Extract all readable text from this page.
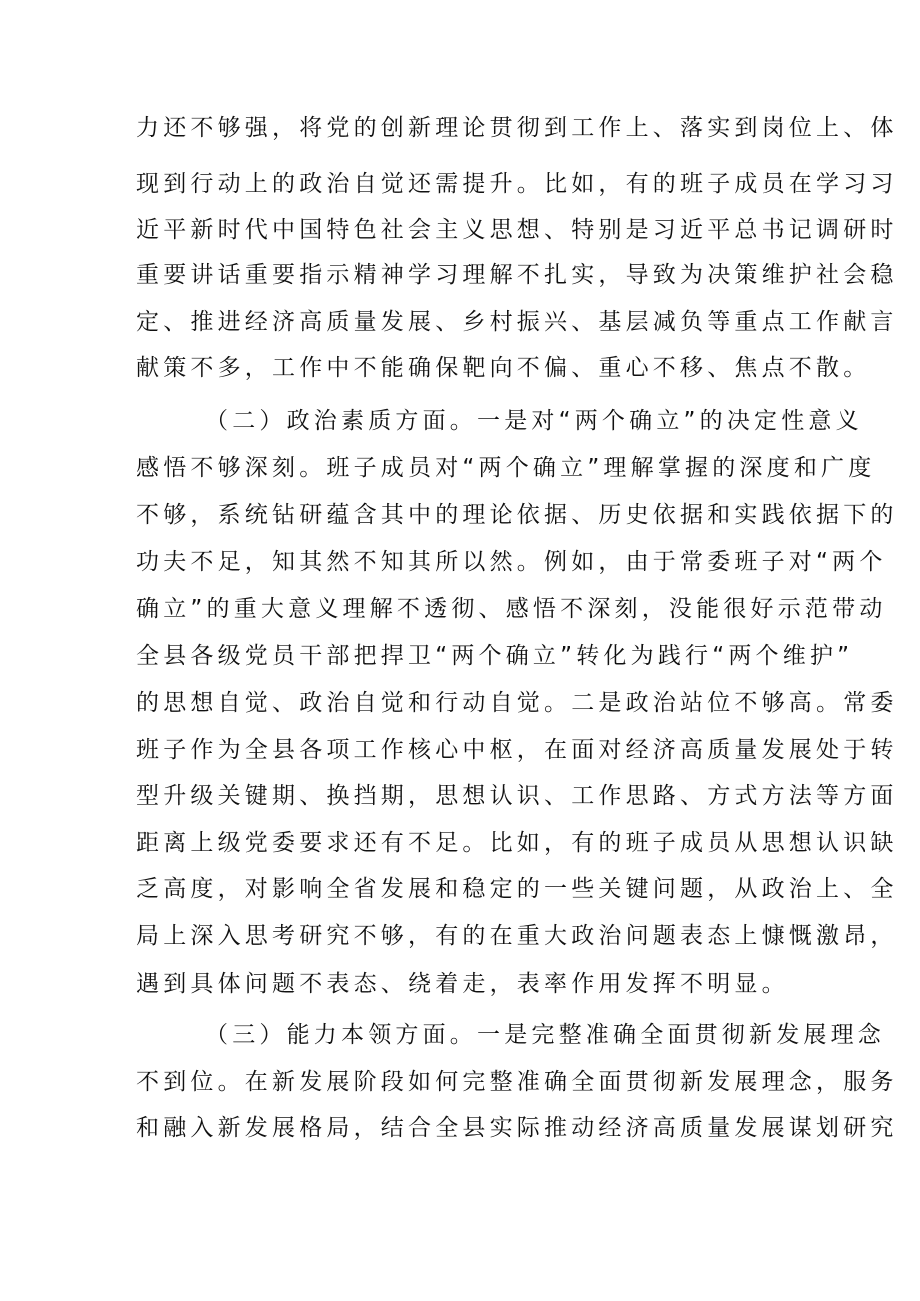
力还不够强，将党的创新理论贯彻到工作上、落实到岗位上、体
现到行动上的政治自觉还需提升。比如，有的班子成员在学习习
近平新时代中国特色社会主义思想、特别是习近平总书记调研时
重要讲话重要指示精神学习理解不扎实，导致为决策维护社会稳
定、推进经济高质量发展、乡村振兴、基层减负等重点工作献言
献策不多，工作中不能确保靶向不偏、重心不移、焦点不散。
（二）政治素质方面。一是对“两个确立”的决定性意义
感悟不够深刻。班子成员对“两个确立”理解掌握的深度和广度
不够，系统钻研蕴含其中的理论依据、历史依据和实践依据下的
功夫不足，知其然不知其所以然。例如，由于常委班子对“两个
确立”的重大意义理解不透彻、感悟不深刻，没能很好示范带动
全县各级党员干部把捍卫“两个确立”转化为践行“两个维护”
的思想自觉、政治自觉和行动自觉。二是政治站位不够高。常委
班子作为全县各项工作核心中枢，在面对经济高质量发展处于转
型升级关键期、换挡期，思想认识、工作思路、方式方法等方面
距离上级党委要求还有不足。比如，有的班子成员从思想认识缺
乏高度，对影响全省发展和稳定的一些关键问题，从政治上、全
局上深入思考研究不够，有的在重大政治问题表态上慷慨激昂，
遇到具体问题不表态、绕着走，表率作用发挥不明显。
（三）能力本领方面。一是完整准确全面贯彻新发展理念
不到位。在新发展阶段如何完整准确全面贯彻新发展理念，服务
和融入新发展格局，结合全县实际推动经济高质量发展谋划研究
